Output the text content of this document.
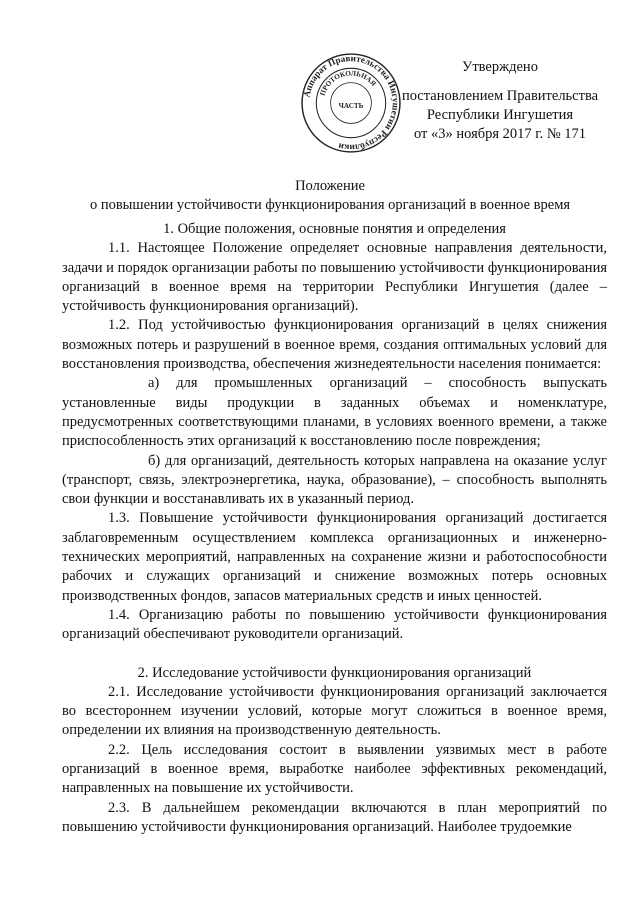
Аппарат Правительства Ингушетии Республики
ПРОТОКОЛЬНАЯ
ЧАСТЬ
Утверждено
постановлением Правительства
Республики Ингушетия
от «3» ноября 2017 г. № 171
Положение
о повышении устойчивости функционирования организаций в военное время

1. Общие положения, основные понятия и определения

1.1. Настоящее Положение определяет основные направления деятельности, задачи и порядок организации работы по повышению устойчивости функционирования организаций в военное время на территории Республики Ингушетия (далее – устойчивость функционирования организаций).

1.2. Под устойчивостью функционирования организаций в целях снижения возможных потерь и разрушений в военное время, создания оптимальных условий для восстановления производства, обеспечения жизнедеятельности населения понимается:

а) для промышленных организаций – способность выпускать установленные виды продукции в заданных объемах и номенклатуре, предусмотренных соответствующими планами, в условиях военного времени, а также приспособленность этих организаций к восстановлению после повреждения;

б) для организаций, деятельность которых направлена на оказание услуг (транспорт, связь, электроэнергетика, наука, образование), – способность выполнять свои функции и восстанавливать их в указанный период.

1.3. Повышение устойчивости функционирования организаций достигается заблаговременным осуществлением комплекса организационных и инженерно-технических мероприятий, направленных на сохранение жизни и работоспособности рабочих и служащих организаций и снижение возможных потерь основных производственных фондов, запасов материальных средств и иных ценностей.

1.4. Организацию работы по повышению устойчивости функционирования организаций обеспечивают руководители организаций.

2. Исследование устойчивости функционирования организаций

2.1. Исследование устойчивости функционирования организаций заключается во всестороннем изучении условий, которые могут сложиться в военное время, определении их влияния на производственную деятельность.

2.2. Цель исследования состоит в выявлении уязвимых мест в работе организаций в военное время, выработке наиболее эффективных рекомендаций, направленных на повышение их устойчивости.

2.3. В дальнейшем рекомендации включаются в план мероприятий по повышению устойчивости функционирования организаций. Наиболее трудоемкие
